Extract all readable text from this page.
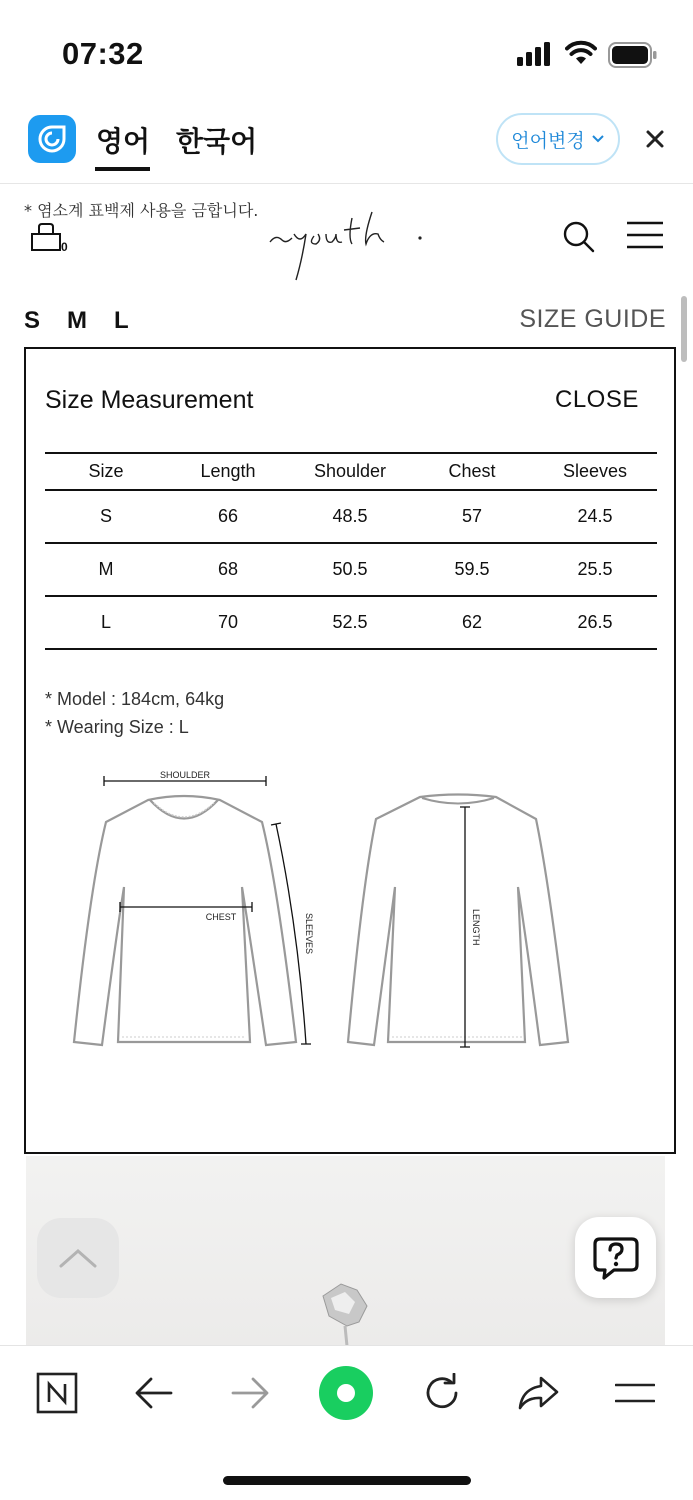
07:32
영어 한국어	언어변경
* 염소계 표백제 사용을 금합니다.
0
S M L	SIZE GUIDE
Size Measurement	CLOSE
Size	Length	Shoulder	Chest	Sleeves
S	66	48.5	57	24.5
M	68	50.5	59.5	25.5
L	70	52.5	62	26.5
* Model : 184cm, 64kg
* Wearing Size : L
SHOULDER
CHEST	SLEEVES	LENGTH
